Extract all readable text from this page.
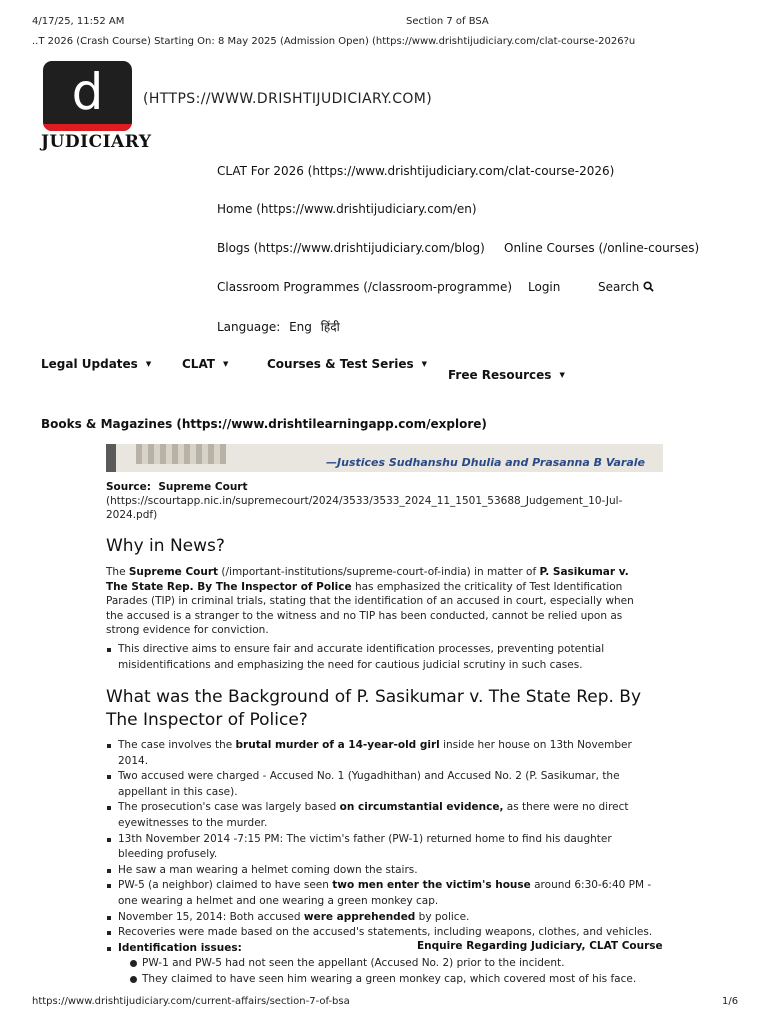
4/17/25, 11:52 AM	Section 7 of BSA
..T 2026 (Crash Course) Starting On: 8 May 2025 (Admission Open) (https://www.drishtijudiciary.com/clat-course-2026?u
d
JUDICIARY
(HTTPS://WWW.DRISHTIJUDICIARY.COM)
CLAT For 2026 (https://www.drishtijudiciary.com/clat-course-2026)
Home (https://www.drishtijudiciary.com/en)
Blogs (https://www.drishtijudiciary.com/blog) Online Courses (/online-courses)
Classroom Programmes (/classroom-programme) Login	Search
Language: Eng हिंदी
Legal Updates ▼	CLAT ▼	Courses & Test Series ▼
Free Resources ▼
Books & Magazines (https://www.drishtilearningapp.com/explore)
—Justices Sudhanshu Dhulia and Prasanna B Varale
Source: Supreme Court
(https://scourtapp.nic.in/supremecourt/2024/3533/3533_2024_11_1501_53688_Judgement_10-Jul-2024.pdf)
Why in News?
The Supreme Court (/important-institutions/supreme-court-of-india) in matter of P. Sasikumar v. The State Rep. By The Inspector of Police has emphasized the criticality of Test Identification Parades (TIP) in criminal trials, stating that the identification of an accused in court, especially when the accused is a stranger to the witness and no TIP has been conducted, cannot be relied upon as strong evidence for conviction.
This directive aims to ensure fair and accurate identification processes, preventing potential misidentifications and emphasizing the need for cautious judicial scrutiny in such cases.
What was the Background of P. Sasikumar v. The State Rep. By The Inspector of Police?
The case involves the brutal murder of a 14-year-old girl inside her house on 13th November 2014.
Two accused were charged - Accused No. 1 (Yugadhithan) and Accused No. 2 (P. Sasikumar, the appellant in this case).
The prosecution's case was largely based on circumstantial evidence, as there were no direct eyewitnesses to the murder.
13th November 2014 -7:15 PM: The victim's father (PW-1) returned home to find his daughter bleeding profusely.
He saw a man wearing a helmet coming down the stairs.
PW-5 (a neighbor) claimed to have seen two men enter the victim's house around 6:30-6:40 PM - one wearing a helmet and one wearing a green monkey cap.
November 15, 2014: Both accused were apprehended by police.
Recoveries were made based on the accused's statements, including weapons, clothes, and vehicles.
Identification issues:
PW-1 and PW-5 had not seen the appellant (Accused No. 2) prior to the incident.
They claimed to have seen him wearing a green monkey cap, which covered most of his face.
Enquire Regarding Judiciary, CLAT Course
https://www.drishtijudiciary.com/current-affairs/section-7-of-bsa	1/6
